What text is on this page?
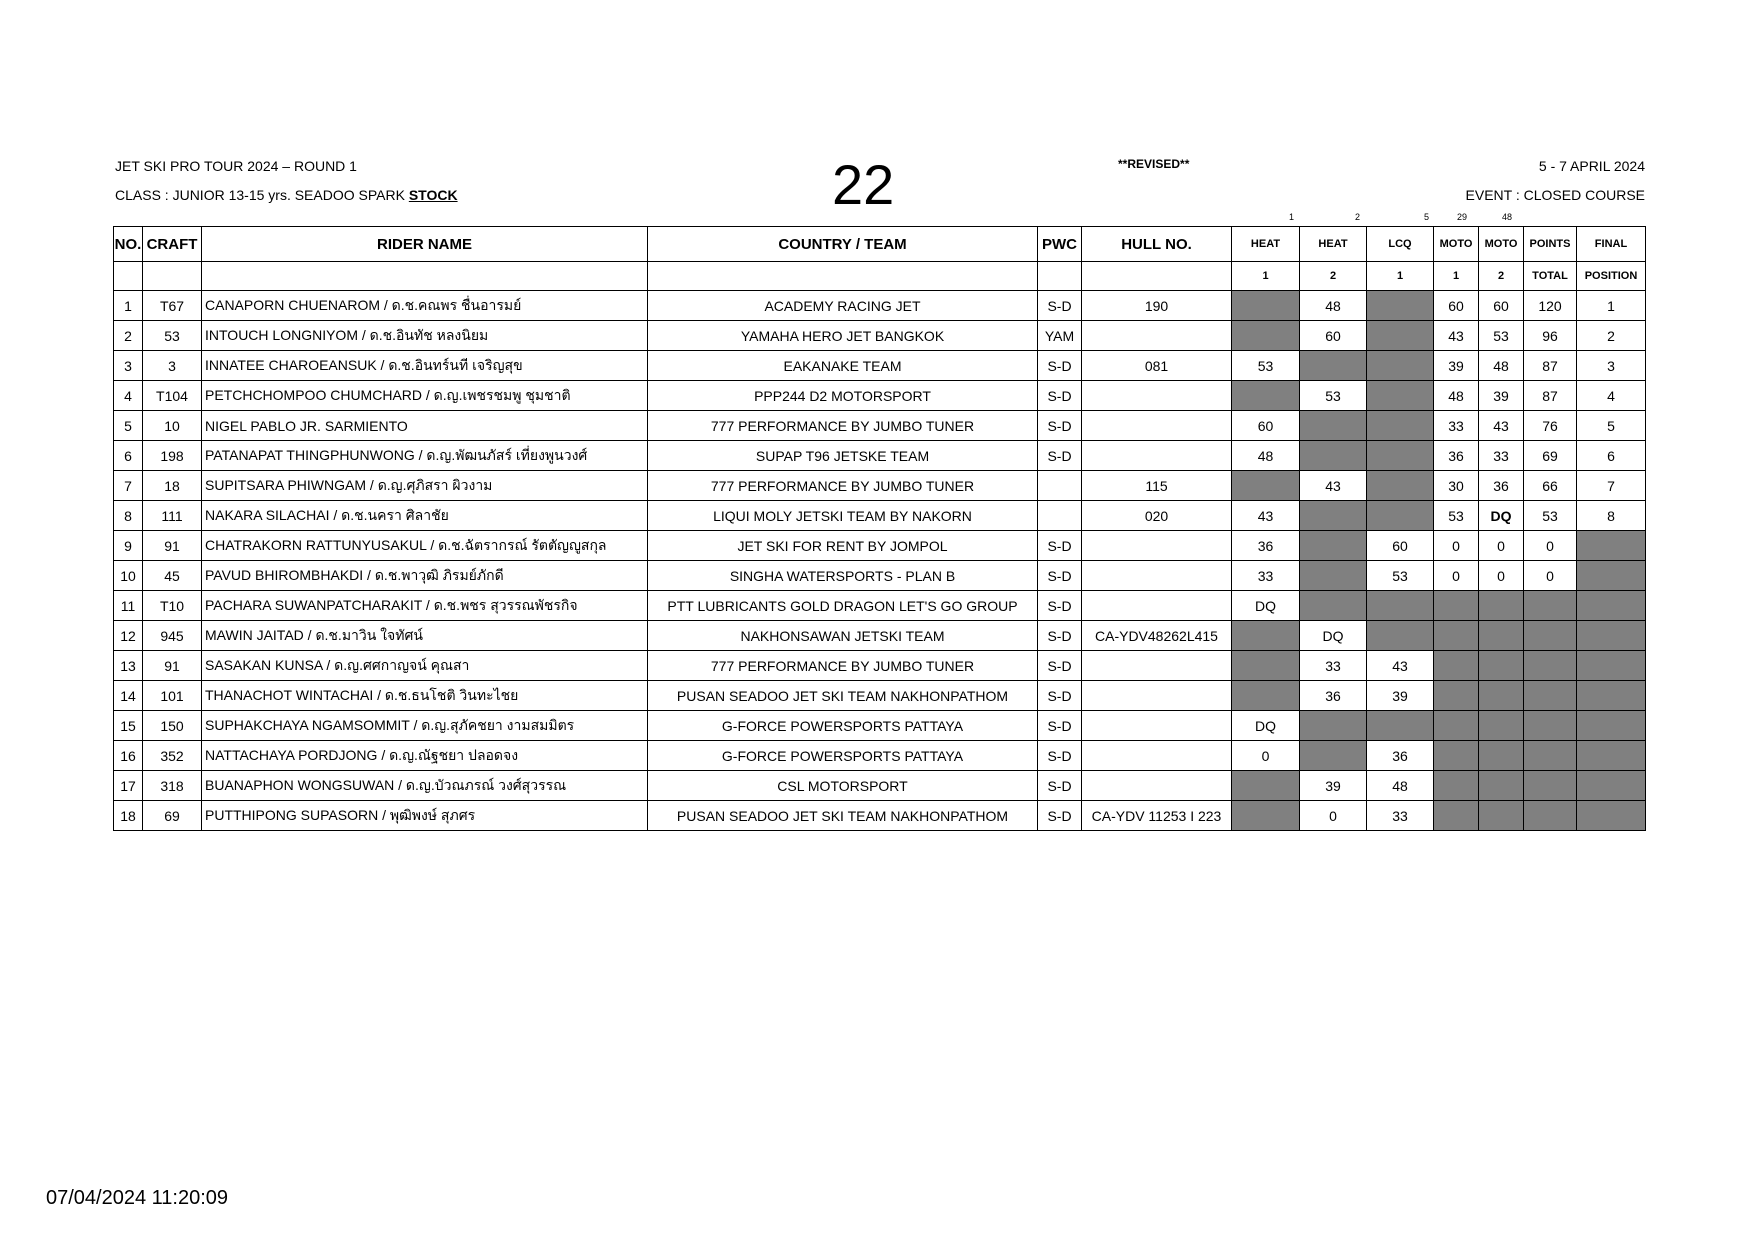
JET SKI PRO TOUR 2024 – ROUND 1
CLASS : JUNIOR 13-15 yrs. SEADOO SPARK STOCK	22	**REVISED**	5 - 7 APRIL 2024
EVENT : CLOSED COURSE
1	2	5	29	48
NO.	CRAFT	RIDER NAME	COUNTRY / TEAM	PWC	HULL NO.	HEAT	HEAT	LCQ	MOTO	MOTO	POINTS	FINAL
						1	2	1	1	2	TOTAL	POSITION
1	T67	CANAPORN CHUENAROM / ด.ช.คณพร ชื่นอารมย์	ACADEMY RACING JET	S-D	190		48		60	60	120	1
2	53	INTOUCH LONGNIYOM / ด.ช.อินทัช หลงนิยม	YAMAHA HERO JET BANGKOK	YAM			60		43	53	96	2
3	3	INNATEE CHAROEANSUK / ด.ช.อินทร์นที เจริญสุข	EAKANAKE TEAM	S-D	081	53			39	48	87	3
4	T104	PETCHCHOMPOO CHUMCHARD / ด.ญ.เพชรชมพู ชุมชาติ	PPP244 D2 MOTORSPORT	S-D			53		48	39	87	4
5	10	NIGEL PABLO JR. SARMIENTO	777 PERFORMANCE BY JUMBO TUNER	S-D		60			33	43	76	5
6	198	PATANAPAT THINGPHUNWONG / ด.ญ.พัฒนภัสร์ เที่ยงพูนวงศ์	SUPAP T96 JETSKE TEAM	S-D		48			36	33	69	6
7	18	SUPITSARA PHIWNGAM / ด.ญ.ศุภิสรา ผิวงาม	777 PERFORMANCE BY JUMBO TUNER		115		43		30	36	66	7
8	111	NAKARA SILACHAI / ด.ช.นครา ศิลาชัย	LIQUI MOLY JETSKI TEAM BY NAKORN		020	43			53	DQ	53	8
9	91	CHATRAKORN RATTUNYUSAKUL / ด.ช.ฉัตรากรณ์ รัตตัญญูสกุล	JET SKI FOR RENT BY JOMPOL	S-D		36		60	0	0	0	
10	45	PAVUD BHIROMBHAKDI / ด.ช.พาวุฒิ ภิรมย์ภักดี	SINGHA WATERSPORTS - PLAN B	S-D		33		53	0	0	0	
11	T10	PACHARA SUWANPATCHARAKIT / ด.ช.พชร สุวรรณพัชรกิจ	PTT LUBRICANTS GOLD DRAGON LET'S GO GROUP	S-D		DQ						
12	945	MAWIN JAITAD / ด.ช.มาวิน ใจทัศน์	NAKHONSAWAN JETSKI TEAM	S-D	CA-YDV48262L415		DQ					
13	91	SASAKAN KUNSA / ด.ญ.ศศกาญจน์ คุณสา	777 PERFORMANCE BY JUMBO TUNER	S-D			33	43				
14	101	THANACHOT WINTACHAI / ด.ช.ธนโชติ วินทะไชย	PUSAN SEADOO JET SKI TEAM NAKHONPATHOM	S-D			36	39				
15	150	SUPHAKCHAYA NGAMSOMMIT / ด.ญ.สุภัคชยา งามสมมิตร	G-FORCE POWERSPORTS PATTAYA	S-D		DQ						
16	352	NATTACHAYA PORDJONG / ด.ญ.ณัฐชยา ปลอดจง	G-FORCE POWERSPORTS PATTAYA	S-D		0		36				
17	318	BUANAPHON WONGSUWAN / ด.ญ.บัวณภรณ์ วงศ์สุวรรณ	CSL MOTORSPORT	S-D			39	48				
18	69	PUTTHIPONG SUPASORN / พุฒิพงษ์ สุภศร	PUSAN SEADOO JET SKI TEAM NAKHONPATHOM	S-D	CA-YDV 11253 I 223		0	33				
07/04/2024 11:20:09
